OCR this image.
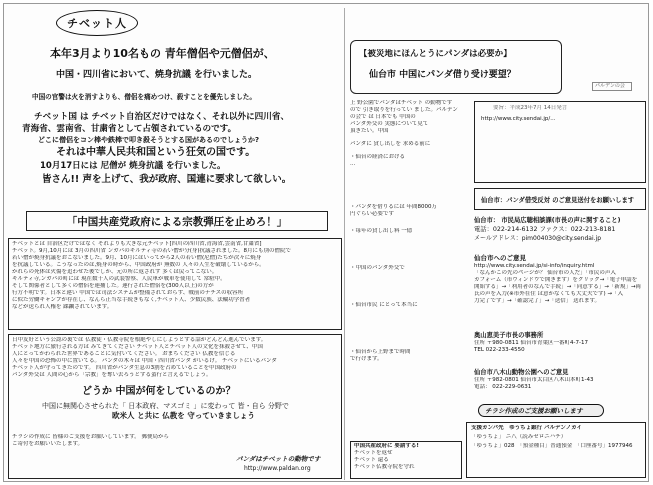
チベット人
本年3月より10名もの 青年僧侶や元僧侶が、
中国・四川省において、焼身抗議 を行いました。
中国の官警は火を消すよりも、僧侶を痛めつけ、殺すことを優先しました。
チベット国 は チベット自治区だけではなく、それ以外に四川省、
青海省、雲南省、甘粛省として占領されているのです。
どこに僧侶をコン棒や鉄棒で叩き殺そうとする国があるのでしょうか?
それは中華人民共和国という狂気の国です。
10月17日には 尼僧が 焼身抗議 を行いました。
皆さん!! 声を上げて、我が政府、国連に要求して欲しい。
「中国共産党政府による宗教弾圧を止めろ！」
チベットとは 自治区だけではなく それよりも大きな元チベット[四川の四川省,青海省,雲南省,甘粛省]
チベット。9月,10月には 3月の四川省 ンガパのキルティ寺の若い僧が分(身)抗議されました。8月にも別の僧院で
若い僧が焼身抗議をおこないました。9月、10月にはいってから2人の若い僧(尼僧)たちが次々に焼身
を抗議している。こうなったのは,焼身の時から、中国政府が 無数の 人々の人生を破壊しているから。
かれらの死体は火傷を追わせた後でしか、元の所に返されず 多くは戻ってこない。
キルティ寺,ンガパの町には 現在数千人の武装警察、人民軍が戦車を使用して 常駐中。
そして関係者として多くの僧侶を連捕した。連行された僧侶を(300人以上)の方が
行方不明です。日本と違い 中国では司法システムが整備されておらず、戦前のナチスの収容所
に似た労働キャンプが存在し、なんら正当な手続きもなく,チベット人、少数民族、法輪功学習者
などが送られ人権を 蹂躙されています。
日中友好という公認の裏では 仏教徒・仏教寺院を根絶やしにしようとする話がどんどん進んでいます。
チベット地方に旅行される方は みてきてください チベット人とチベット人の文化を抹殺させて、中国
人にとってかわられた世界であることに気付いてください。 おまちください 仏教を信じる
人々を中国の恐怖の中に置いてる。 パンダの木々は 中国・四川省パンダ がいるけ。 チベットにいるパンダ
チベット人が守ってきたのです。 四川省がパンダ生息の3割を占めていることを中国政府の
パンダ外交は 人間の心から「宗教」を奪い去ろうとする蛮行と言えるでしょう。
どうか 中国が何をしているのか？
中国に無関心させられた「 日本政府、マスゴミ 」に変わって 皆・自ら 分野で
欧米人 と共に 仏教を 守っていきましょう
チラシの作成に 皆様のご支援をお願いしています。 郵便局から
ご寄付をお願いいたします。
パンダはチベットの動物です
http://www.paldan.org
【被災地にほんとうにパンダは必要か】
仙台市 中国にパンダ借り受け要望？
パルデンの会
上 野公園でパンダはチベット の動物です
ので 引き取りを行ってい ました。パルデン
の会で は 日本でも 中国の
パンダ外交の 実態について見て
頂きたい。中国
パンダに 貸し出しを 求める前に
・仙台の経済における
...
・パンダを借りるには 年間8000万
円ぐらい必要です
・毎年の貸し出し料 一億
・中国のパンダ外交で
・仙台市民 にとって本当に
・仙台から上野まで時間
で行けます。
要旨：平成23年7月 14日発言
http://www.city.sendai.jp/...
仙台市：パンダ借受反対 のご意見送付をお願いします
仙台市： 市民局広聴相談課(市長の声に関すること)
電話：022-214-6132 ファクス：022-213-8181
メールアドレス：pim004030@city.sendai.jp
仙台市へのご意見
http://www.city.sendai.jp/si-info/inquiry.html
「なんかこの先のページが？ 仙台市の人だ」「市民の声入
カフォーム（市ウィンドウで開きます）をクリック→「電子申請を
開始する」→「利用者のなんで手続」→「同意する」→「新規」→両
氏の声を入力(※市外在住 は意かなくても大丈夫です) →「入
力完了です」→「確認完了」→「送信」 送れます。
奥山恵美子市長の事務所
住所 〒980-0811 仙台市青葉区一番町4-7-17
TEL 022-233-4550
仙台市八木山動物公園へのご意見
住所 〒982-0801 仙台市太白区八木山本町1-43
電話： 022-229-0631
中国共産政府に 要請する!
チベットを返せ
チベット 還る
チベット仏教寺院を守れ
チラシ作成のご支援お願いします
支援カンパ先　ゆうちょ銀行 パルデンノカイ
「ゆうちょ」 ニ八（読みゼロニハチ）
「ゆうちょ」028　「預金種目」普通預金　「口座番号」1977946
